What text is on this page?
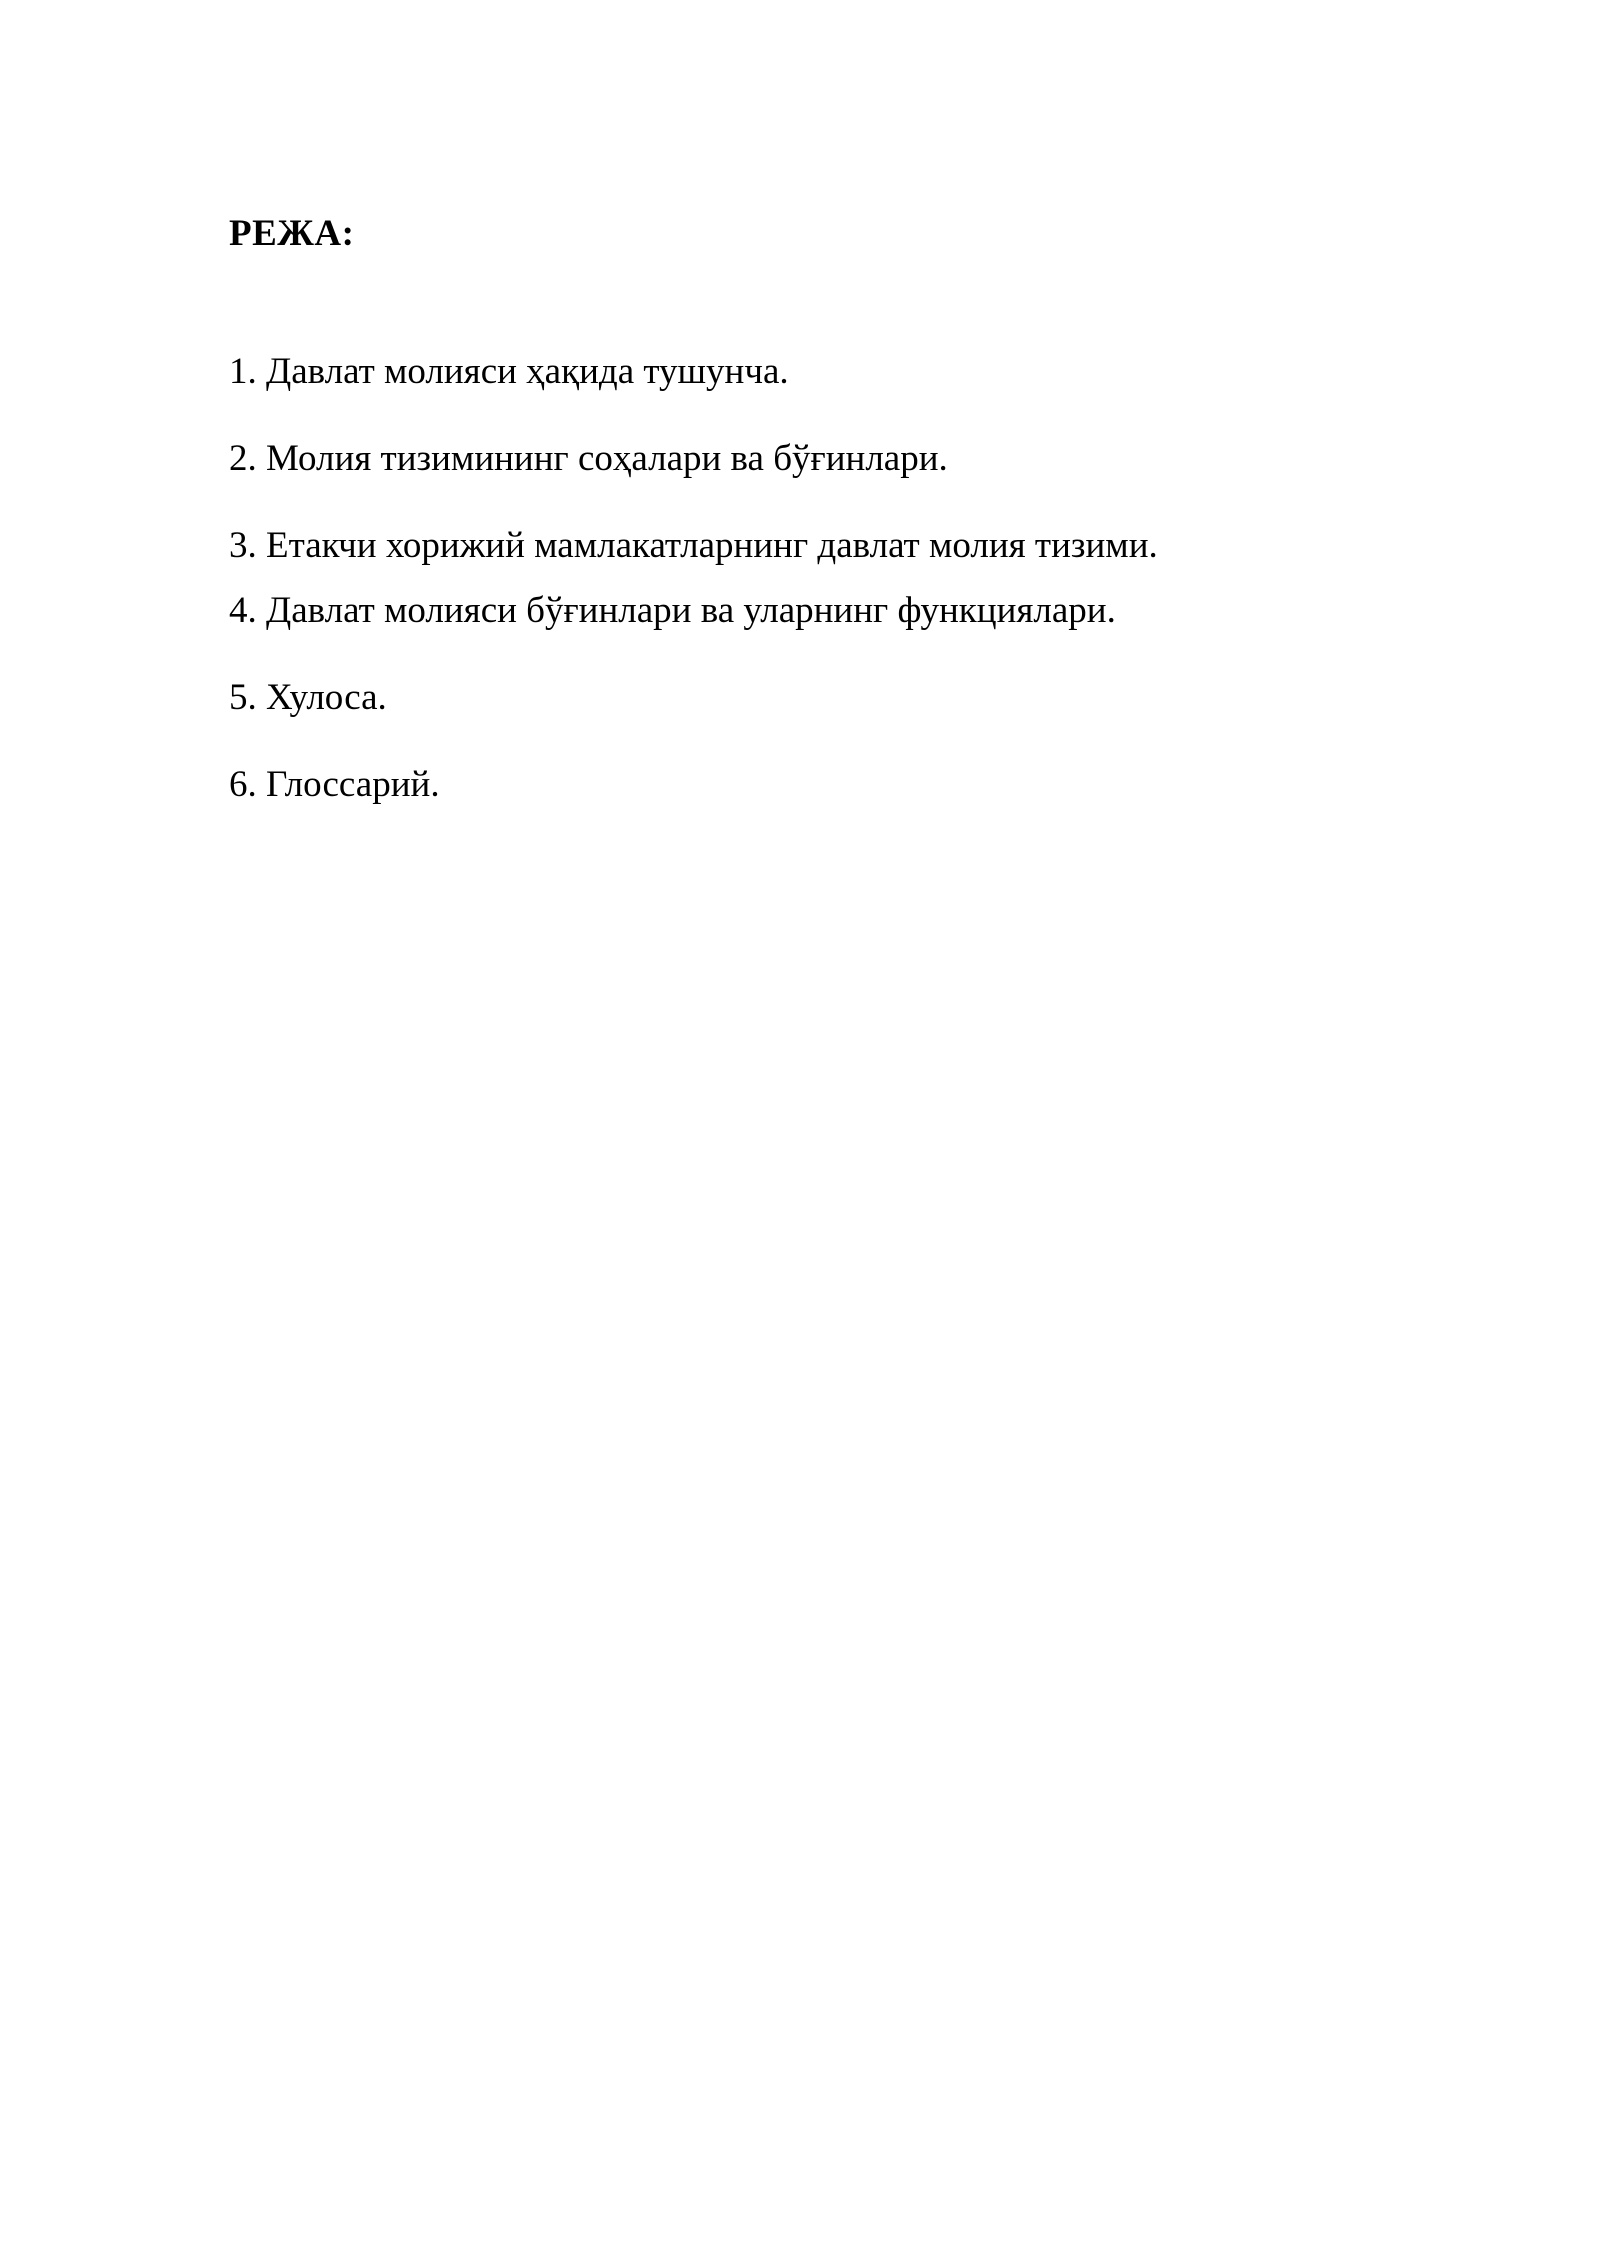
РЕЖА:
1. Давлат молияси ҳақида тушунча.
2. Молия тизимининг соҳалари ва бўғинлари.
3. Етакчи хорижий мамлакатларнинг давлат молия тизими.
4. Давлат молияси бўғинлари ва уларнинг функциялари.
5. Хулоса.
6. Глоссарий.
